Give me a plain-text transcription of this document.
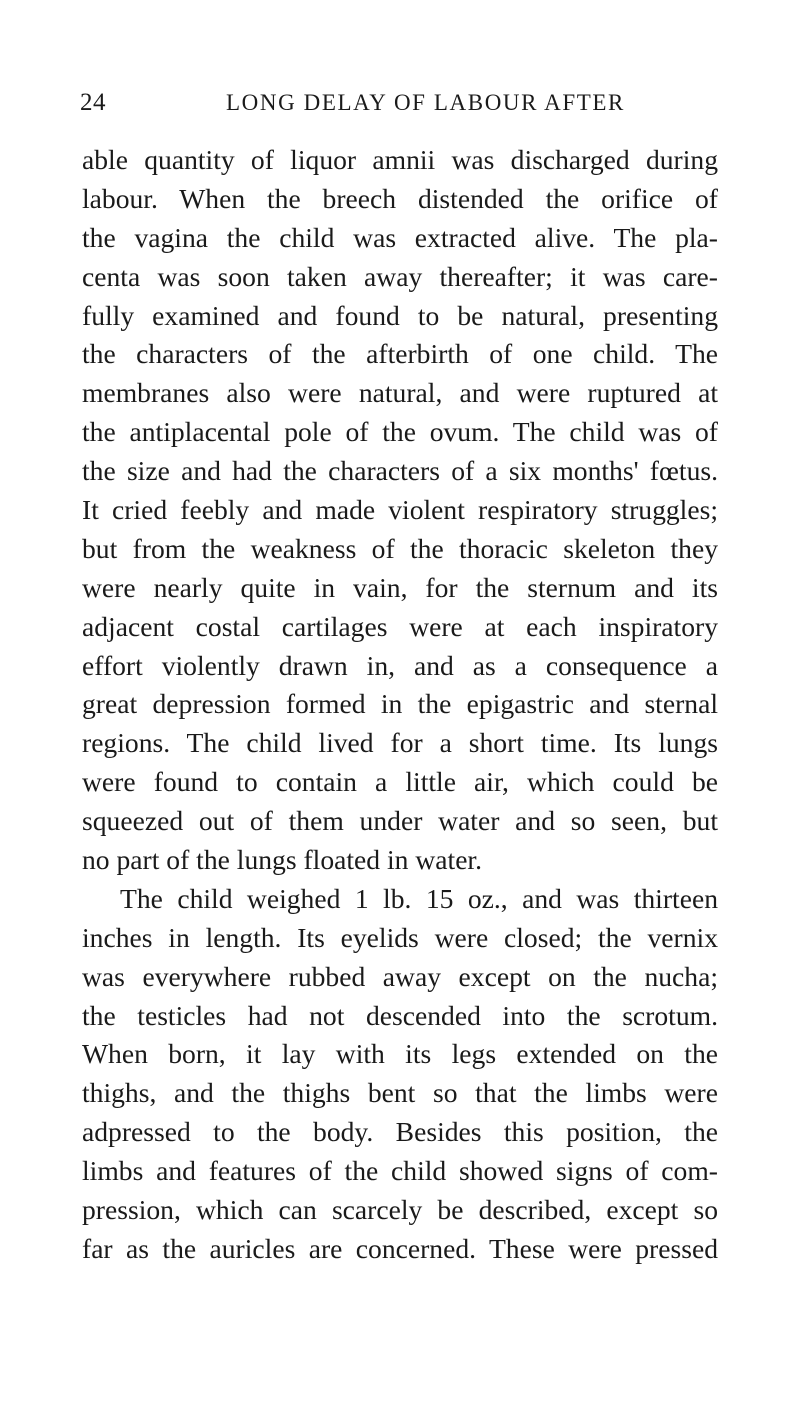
24	LONG DELAY OF LABOUR AFTER
able quantity of liquor amnii was discharged during
labour. When the breech distended the orifice of
the vagina the child was extracted alive. The pla-
centa was soon taken away thereafter; it was care-
fully examined and found to be natural, presenting
the characters of the afterbirth of one child. The
membranes also were natural, and were ruptured at
the antiplacental pole of the ovum. The child was of
the size and had the characters of a six months' fœtus.
It cried feebly and made violent respiratory struggles;
but from the weakness of the thoracic skeleton they
were nearly quite in vain, for the sternum and its
adjacent costal cartilages were at each inspiratory
effort violently drawn in, and as a consequence a
great depression formed in the epigastric and sternal
regions. The child lived for a short time. Its lungs
were found to contain a little air, which could be
squeezed out of them under water and so seen, but
no part of the lungs floated in water.
The child weighed 1 lb. 15 oz., and was thirteen
inches in length. Its eyelids were closed; the vernix
was everywhere rubbed away except on the nucha;
the testicles had not descended into the scrotum.
When born, it lay with its legs extended on the
thighs, and the thighs bent so that the limbs were
adpressed to the body. Besides this position, the
limbs and features of the child showed signs of com-
pression, which can scarcely be described, except so
far as the auricles are concerned. These were pressed
